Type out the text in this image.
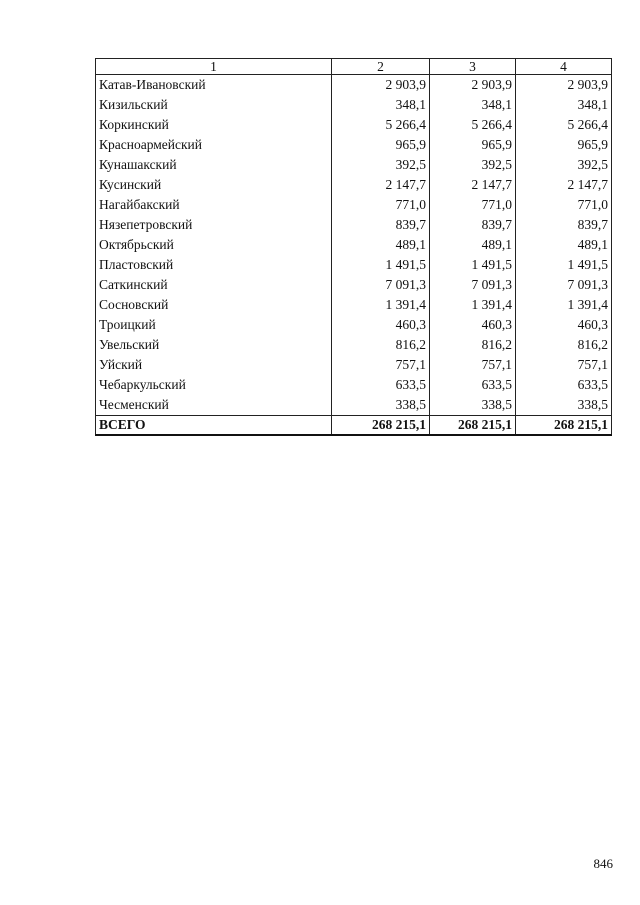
1	2	3	4
Катав-Ивановский	2 903,9	2 903,9	2 903,9
Кизильский	348,1	348,1	348,1
Коркинский	5 266,4	5 266,4	5 266,4
Красноармейский	965,9	965,9	965,9
Кунашакский	392,5	392,5	392,5
Кусинский	2 147,7	2 147,7	2 147,7
Нагайбакский	771,0	771,0	771,0
Нязепетровский	839,7	839,7	839,7
Октябрьский	489,1	489,1	489,1
Пластовский	1 491,5	1 491,5	1 491,5
Саткинский	7 091,3	7 091,3	7 091,3
Сосновский	1 391,4	1 391,4	1 391,4
Троицкий	460,3	460,3	460,3
Увельский	816,2	816,2	816,2
Уйский	757,1	757,1	757,1
Чебаркульский	633,5	633,5	633,5
Чесменский	338,5	338,5	338,5
ВСЕГО	268 215,1	268 215,1	268 215,1
846
